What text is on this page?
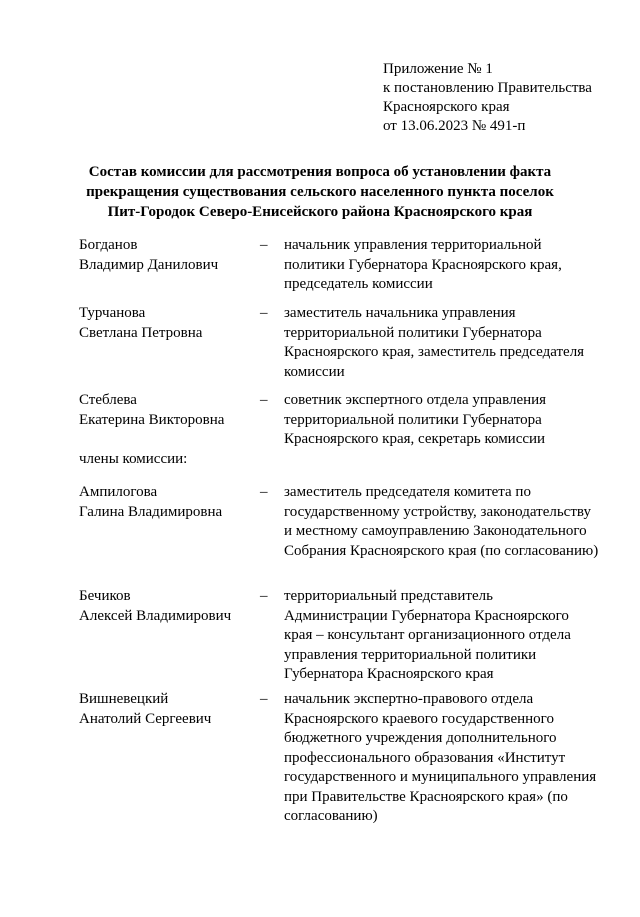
Приложение № 1
к постановлению Правительства
Красноярского края
от 13.06.2023 № 491-п
Состав комиссии для рассмотрения вопроса об установлении факта
прекращения существования сельского населенного пункта поселок
Пит-Городок Северо-Енисейского района Красноярского края
Богданов
Владимир Данилович
– начальник управления территориальной политики Губернатора Красноярского края, председатель комиссии
Турчанова
Светлана Петровна
– заместитель начальника управления территориальной политики Губернатора Красноярского края, заместитель председателя комиссии
Стеблева
Екатерина Викторовна
– советник экспертного отдела управления территориальной политики Губернатора Красноярского края, секретарь комиссии
члены комиссии:
Ампилогова
Галина Владимировна
– заместитель председателя комитета по государственному устройству, законодательству и местному самоуправлению Законодательного Собрания Красноярского края (по согласованию)
Бечиков
Алексей Владимирович
– территориальный представитель Администрации Губернатора Красноярского края – консультант организационного отдела управления территориальной политики Губернатора Красноярского края
Вишневецкий
Анатолий Сергеевич
– начальник экспертно-правового отдела Красноярского краевого государственного бюджетного учреждения дополнительного профессионального образования «Институт государственного и муниципального управления при Правительстве Красноярского края» (по согласованию)
